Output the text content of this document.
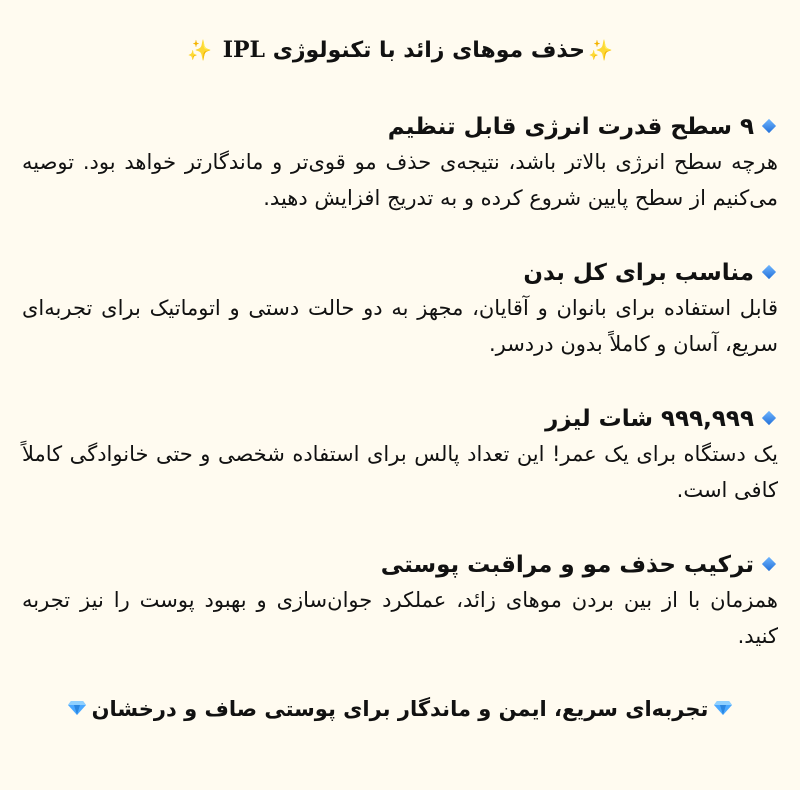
✨حذف موهای زائد با تکنولوژی IPL ✨
۹ سطح قدرت انرژی قابل تنظیم
هرچه سطح انرژی بالاتر باشد، نتیجه‌ی حذف مو قوی‌تر و ماندگارتر خواهد بود. توصیه می‌کنیم از سطح پایین شروع کرده و به تدریج افزایش دهید.
مناسب برای کل بدن
قابل استفاده برای بانوان و آقایان، مجهز به دو حالت دستی و اتوماتیک برای تجربه‌ای سریع، آسان و کاملاً بدون دردسر.
۹۹۹,۹۹۹ شات لیزر
یک دستگاه برای یک عمر! این تعداد پالس برای استفاده شخصی و حتی خانوادگی کاملاً کافی است.
ترکیب حذف مو و مراقبت پوستی
همزمان با از بین بردن موهای زائد، عملکرد جوان‌سازی و بهبود پوست را نیز تجربه کنید.
تجربه‌ای سریع، ایمن و ماندگار برای پوستی صاف و درخشان
